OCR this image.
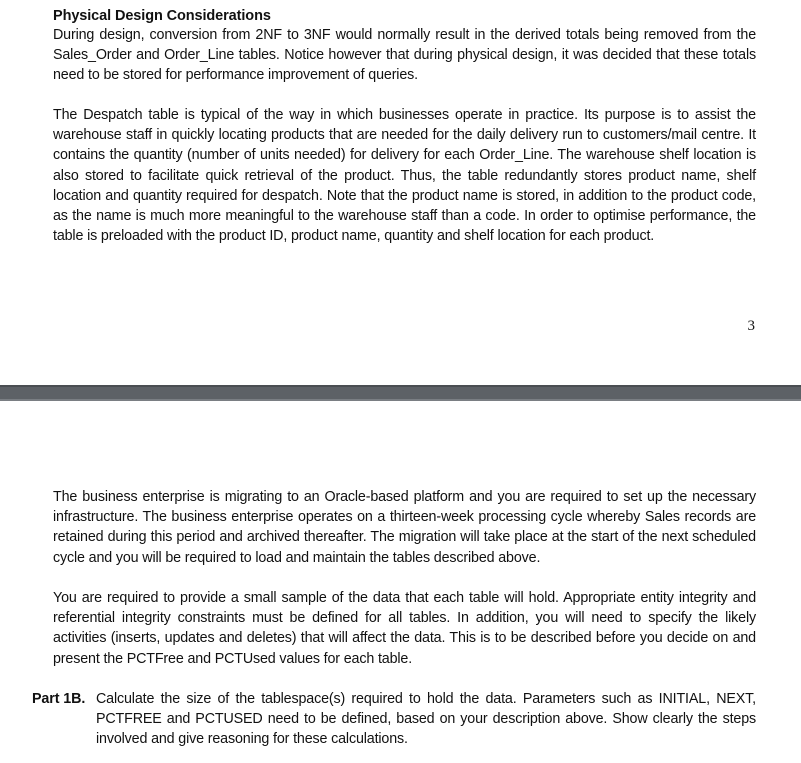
Physical Design Considerations

During design, conversion from 2NF to 3NF would normally result in the derived totals being removed from the Sales_Order and Order_Line tables. Notice however that during physical design, it was decided that these totals need to be stored for performance improvement of queries.

The Despatch table is typical of the way in which businesses operate in practice. Its purpose is to assist the warehouse staff in quickly locating products that are needed for the daily delivery run to customers/mail centre. It contains the quantity (number of units needed) for delivery for each Order_Line. The warehouse shelf location is also stored to facilitate quick retrieval of the product. Thus, the table redundantly stores product name, shelf location and quantity required for despatch. Note that the product name is stored, in addition to the product code, as the name is much more meaningful to the warehouse staff than a code. In order to optimise performance, the table is preloaded with the product ID, product name, quantity and shelf location for each product.

3

The business enterprise is migrating to an Oracle-based platform and you are required to set up the necessary infrastructure. The business enterprise operates on a thirteen-week processing cycle whereby Sales records are retained during this period and archived thereafter. The migration will take place at the start of the next scheduled cycle and you will be required to load and maintain the tables described above.

You are required to provide a small sample of the data that each table will hold. Appropriate entity integrity and referential integrity constraints must be defined for all tables. In addition, you will need to specify the likely activities (inserts, updates and deletes) that will affect the data. This is to be described before you decide on and present the PCTFree and PCTUsed values for each table.

Part 1B. Calculate the size of the tablespace(s) required to hold the data. Parameters such as INITIAL, NEXT, PCTFREE and PCTUSED need to be defined, based on your description above. Show clearly the steps involved and give reasoning for these calculations.
